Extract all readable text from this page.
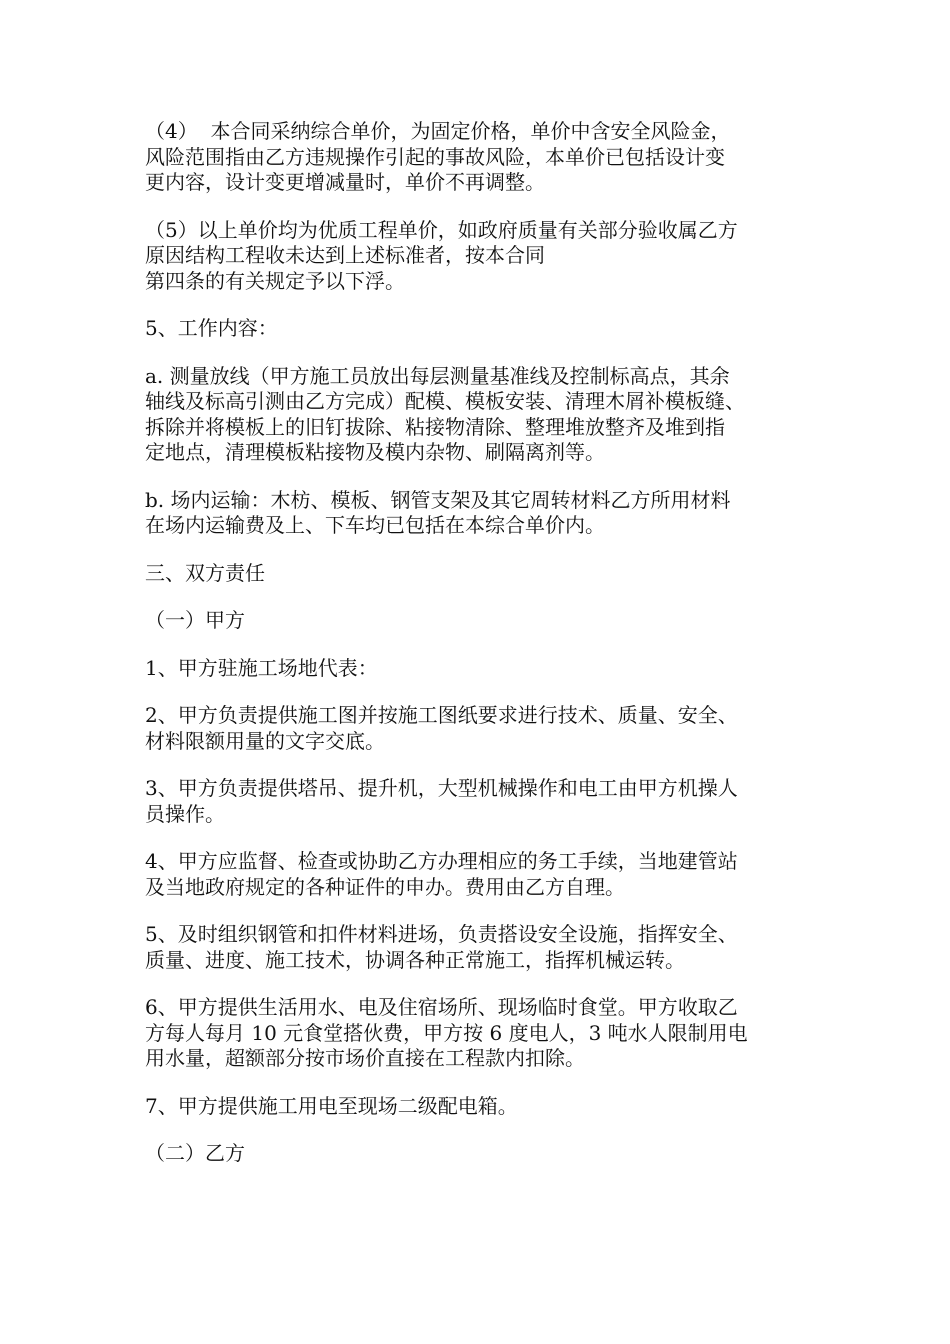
（4）  本合同采纳综合单价，为固定价格，单价中含安全风险金，
风险范围指由乙方违规操作引起的事故风险，本单价已包括设计变
更内容，设计变更增减量时，单价不再调整。

（5）以上单价均为优质工程单价，如政府质量有关部分验收属乙方
原因结构工程收未达到上述标准者，按本合同
第四条的有关规定予以下浮。

5、工作内容：

a. 测量放线（甲方施工员放出每层测量基准线及控制标高点，其余
轴线及标高引测由乙方完成）配模、模板安装、清理木屑补模板缝、
拆除并将模板上的旧钉拔除、粘接物清除、整理堆放整齐及堆到指
定地点，清理模板粘接物及模内杂物、刷隔离剂等。

b. 场内运输：木枋、模板、钢管支架及其它周转材料乙方所用材料
在场内运输费及上、下车均已包括在本综合单价内。

三、双方责任

（一）甲方

1、甲方驻施工场地代表：

2、甲方负责提供施工图并按施工图纸要求进行技术、质量、安全、
材料限额用量的文字交底。

3、甲方负责提供塔吊、提升机，大型机械操作和电工由甲方机操人
员操作。

4、甲方应监督、检查或协助乙方办理相应的务工手续，当地建管站
及当地政府规定的各种证件的申办。费用由乙方自理。

5、及时组织钢管和扣件材料进场，负责搭设安全设施，指挥安全、
质量、进度、施工技术，协调各种正常施工，指挥机械运转。

6、甲方提供生活用水、电及住宿场所、现场临时食堂。甲方收取乙
方每人每月 10 元食堂搭伙费，甲方按 6 度电人，3 吨水人限制用电
用水量，超额部分按市场价直接在工程款内扣除。

7、甲方提供施工用电至现场二级配电箱。

（二）乙方
